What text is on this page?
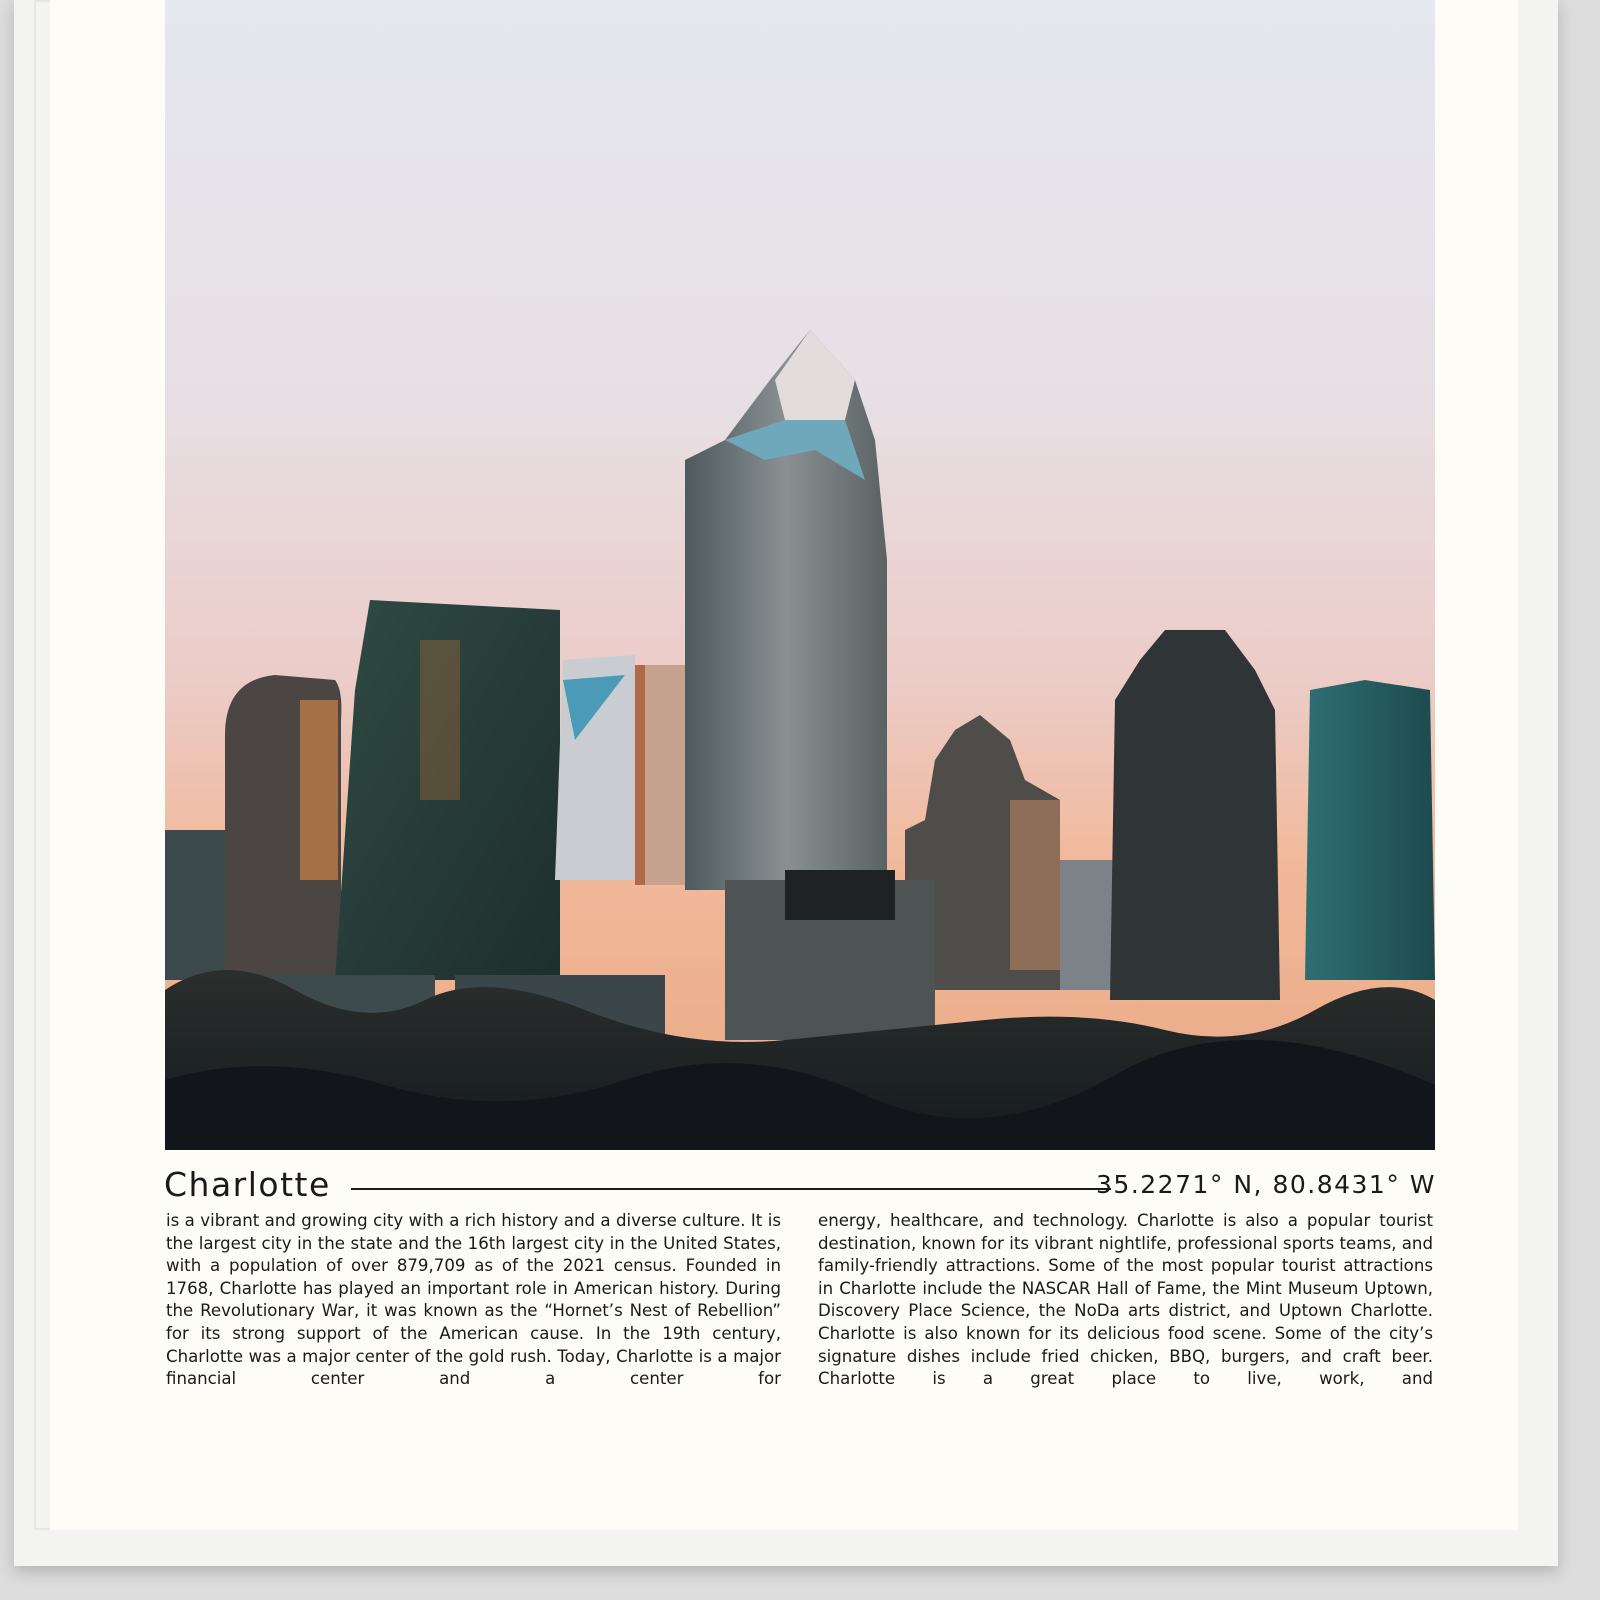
Charlotte	35.2271° N, 80.8431° W
is a vibrant and growing city with a rich history and a diverse culture. It is the largest city in the state and the 16th largest city in the United States, with a population of over 879,709 as of the 2021 census. Founded in 1768, Charlotte has played an important role in American history. During the Revolutionary War, it was known as the “Hornet’s Nest of Rebellion” for its strong support of the American cause. In the 19th century, Charlotte was a major center of the gold rush. Today, Charlotte is a major financial center and a center for
energy, healthcare, and technology. Charlotte is also a popular tourist destination, known for its vibrant nightlife, professional sports teams, and family-friendly attractions. Some of the most popular tourist attractions in Charlotte include the NASCAR Hall of Fame, the Mint Museum Uptown, Discovery Place Science, the NoDa arts district, and Uptown Charlotte. Charlotte is also known for its delicious food scene. Some of the city’s signature dishes include fried chicken, BBQ, burgers, and craft beer. Charlotte is a great place to live, work, and
